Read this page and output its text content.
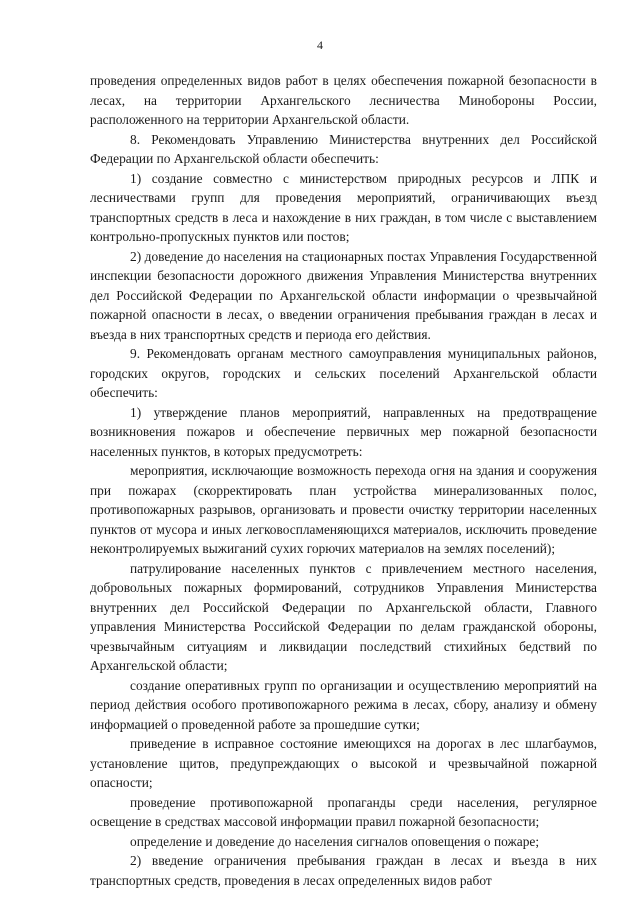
4

проведения определенных видов работ в целях обеспечения пожарной безопасности в лесах, на территории Архангельского лесничества Минобороны России, расположенного на территории Архангельской области.

8. Рекомендовать Управлению Министерства внутренних дел Российской Федерации по Архангельской области обеспечить:

1) создание совместно с министерством природных ресурсов и ЛПК и лесничествами групп для проведения мероприятий, ограничивающих въезд транспортных средств в леса и нахождение в них граждан, в том числе с выставлением контрольно-пропускных пунктов или постов;

2) доведение до населения на стационарных постах Управления Государственной инспекции безопасности дорожного движения Управления Министерства внутренних дел Российской Федерации по Архангельской области информации о чрезвычайной пожарной опасности в лесах, о введении ограничения пребывания граждан в лесах и въезда в них транспортных средств и периода его действия.

9. Рекомендовать органам местного самоуправления муниципальных районов, городских округов, городских и сельских поселений Архангельской области обеспечить:

1) утверждение планов мероприятий, направленных на предотвращение возникновения пожаров и обеспечение первичных мер пожарной безопасности населенных пунктов, в которых предусмотреть:

мероприятия, исключающие возможность перехода огня на здания и сооружения при пожарах (скорректировать план устройства минерализованных полос, противопожарных разрывов, организовать и провести очистку территории населенных пунктов от мусора и иных легковоспламеняющихся материалов, исключить проведение неконтролируемых выжиганий сухих горючих материалов на землях поселений);

патрулирование населенных пунктов с привлечением местного населения, добровольных пожарных формирований, сотрудников Управления Министерства внутренних дел Российской Федерации по Архангельской области, Главного управления Министерства Российской Федерации по делам гражданской обороны, чрезвычайным ситуациям и ликвидации последствий стихийных бедствий по Архангельской области;

создание оперативных групп по организации и осуществлению мероприятий на период действия особого противопожарного режима в лесах, сбору, анализу и обмену информацией о проведенной работе за прошедшие сутки;

приведение в исправное состояние имеющихся на дорогах в лес шлагбаумов, установление щитов, предупреждающих о высокой и чрезвычайной пожарной опасности;

проведение противопожарной пропаганды среди населения, регулярное освещение в средствах массовой информации правил пожарной безопасности;

определение и доведение до населения сигналов оповещения о пожаре;

2) введение ограничения пребывания граждан в лесах и въезда в них транспортных средств, проведения в лесах определенных видов работ
